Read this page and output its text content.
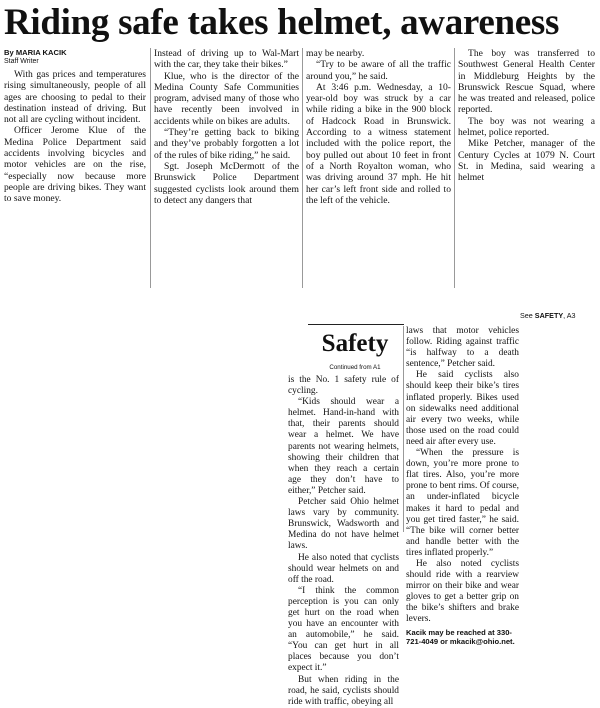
Riding safe takes helmet, awareness
By MARIA KACIK
Staff Writer

With gas prices and temperatures rising simultaneously, people of all ages are choosing to pedal to their destination instead of driving. But not all are cycling without incident.

Officer Jerome Klue of the Medina Police Department said accidents involving bicycles and motor vehicles are on the rise, “especially now because more people are driving bikes. They want to save money.

Instead of driving up to Wal-Mart with the car, they take their bikes.”

Klue, who is the director of the Medina County Safe Communities program, advised many of those who have recently been involved in accidents while on bikes are adults.

“They’re getting back to biking and they’ve probably forgotten a lot of the rules of bike riding,” he said.

Sgt. Joseph McDermott of the Brunswick Police Department suggested cyclists look around them to detect any dangers that

may be nearby.

“Try to be aware of all the traffic around you,” he said.

At 3:46 p.m. Wednesday, a 10-year-old boy was struck by a car while riding a bike in the 900 block of Hadcock Road in Brunswick. According to a witness statement included with the police report, the boy pulled out about 10 feet in front of a North Royalton woman, who was driving around 37 mph. He hit her car’s left front side and rolled to the left of the vehicle.

The boy was transferred to Southwest General Health Center in Middleburg Heights by the Brunswick Rescue Squad, where he was treated and released, police reported.

The boy was not wearing a helmet, police reported.

Mike Petcher, manager of the Century Cycles at 1079 N. Court St. in Medina, said wearing a helmet

See SAFETY, A3
Safety
Continued from A1

is the No. 1 safety rule of cycling.

“Kids should wear a helmet. Hand-in-hand with that, their parents should wear a helmet. We have parents not wearing helmets, showing their children that when they reach a certain age they don’t have to either,” Petcher said.

Petcher said Ohio helmet laws vary by community. Brunswick, Wadsworth and Medina do not have helmet laws.

He also noted that cyclists should wear helmets on and off the road.

“I think the common perception is you can only get hurt on the road when you have an encounter with an automobile,” he said. “You can get hurt in all places because you don’t expect it.”

But when riding in the road, he said, cyclists should ride with traffic, obeying all

laws that motor vehicles follow. Riding against traffic “is halfway to a death sentence,” Petcher said.

He said cyclists also should keep their bike’s tires inflated properly. Bikes used on sidewalks need additional air every two weeks, while those used on the road could need air after every use.

“When the pressure is down, you’re more prone to flat tires. Also, you’re more prone to bent rims. Of course, an under-inflated bicycle makes it hard to pedal and you get tired faster,” he said. “The bike will corner better and handle better with the tires inflated properly.”

He also noted cyclists should ride with a rearview mirror on their bike and wear gloves to get a better grip on the bike’s shifters and brake levers.

Kacik may be reached at 330-721-4049 or mkacik@ohio.net.
